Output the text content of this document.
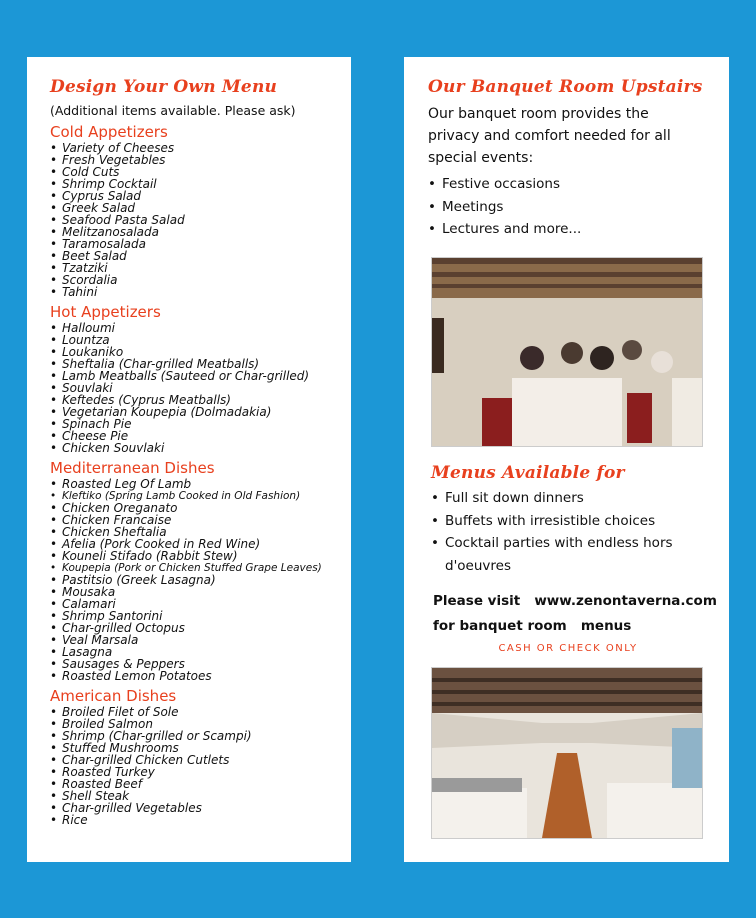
Design Your Own Menu
(Additional items available. Please ask)
Cold Appetizers
• Variety of Cheeses
• Fresh Vegetables
• Cold Cuts
• Shrimp Cocktail
• Cyprus Salad
• Greek Salad
• Seafood Pasta Salad
• Melitzanosalada
• Taramosalada
• Beet Salad
• Tzatziki
• Scordalia
• Tahini
Hot Appetizers
• Halloumi
• Lountza
• Loukaniko
• Sheftalia (Char-grilled Meatballs)
• Lamb Meatballs (Sauteed or Char-grilled)
• Souvlaki
• Keftedes (Cyprus Meatballs)
• Vegetarian Koupepia (Dolmadakia)
• Spinach Pie
• Cheese Pie
• Chicken Souvlaki
Mediterranean Dishes
• Roasted Leg Of Lamb
• Kleftiko (Spring Lamb Cooked in Old Fashion)
• Chicken Oreganato
• Chicken Francaise
• Chicken Sheftalia
• Afelia (Pork Cooked in Red Wine)
• Kouneli Stifado (Rabbit Stew)
• Koupepia (Pork or Chicken Stuffed Grape Leaves)
• Pastitsio (Greek Lasagna)
• Mousaka
• Calamari
• Shrimp Santorini
• Char-grilled Octopus
• Veal Marsala
• Lasagna
• Sausages & Peppers
• Roasted Lemon Potatoes
American Dishes
• Broiled Filet of Sole
• Broiled Salmon
• Shrimp (Char-grilled or Scampi)
• Stuffed Mushrooms
• Char-grilled Chicken Cutlets
• Roasted Turkey
• Roasted Beef
• Shell Steak
• Char-grilled Vegetables
• Rice
Our Banquet Room Upstairs

Our banquet room provides the privacy and comfort needed for all special events:

• Festive occasions
• Meetings
• Lectures and more...
Menus Available for
• Full sit down dinners
• Buffets with irresistible choices
• Cocktail parties with endless hors d'oeuvres

Please visit   www.zenontaverna.com

for banquet room   menus

CASH OR CHECK ONLY
